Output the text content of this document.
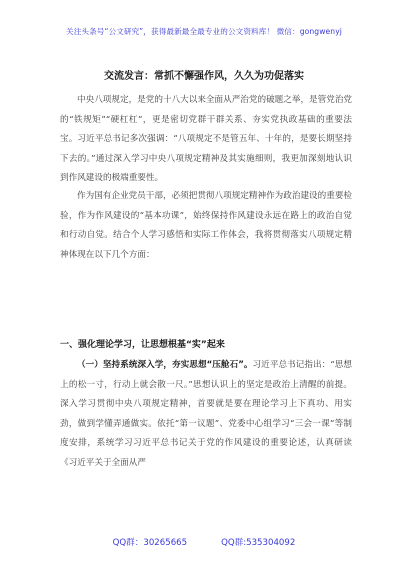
关注头条号“公文研究”，获得最新最全最专业的公文资料库！ 微信：gongwenyj
交流发言：常抓不懈强作风，久久为功促落实
中央八项规定，是党的十八大以来全面从严治党的破题之举，是管党治党的“铁规矩”“硬杠杠”，更是密切党群干群关系、夯实党执政基础的重要法宝。习近平总书记多次强调：“八项规定不是管五年、十年的，是要长期坚持下去的。”通过深入学习中央八项规定精神及其实施细则，我更加深刻地认识到作风建设的极端重要性。
作为国有企业党员干部，必须把贯彻八项规定精神作为政治建设的重要检验，作为作风建设的“基本功课”，始终保持作风建设永远在路上的政治自觉和行动自觉。结合个人学习感悟和实际工作体会，我将贯彻落实八项规定精神体现在以下几个方面：
一、强化理论学习，让思想根基“实”起来
（一）坚持系统深入学，夯实思想“压舱石”。习近平总书记指出：“思想上的松一寸，行动上就会散一尺。”思想认识上的坚定是政治上清醒的前提。深入学习贯彻中央八项规定精神，首要就是要在理论学习上下真功、用实劲，做到学懂弄通做实。依托“第一议题”、党委中心组学习“三会一课”等制度安排，系统学习习近平总书记关于党的作风建设的重要论述，认真研读《习近平关于全面从严
QQ群：30265665	QQ群:535304092
